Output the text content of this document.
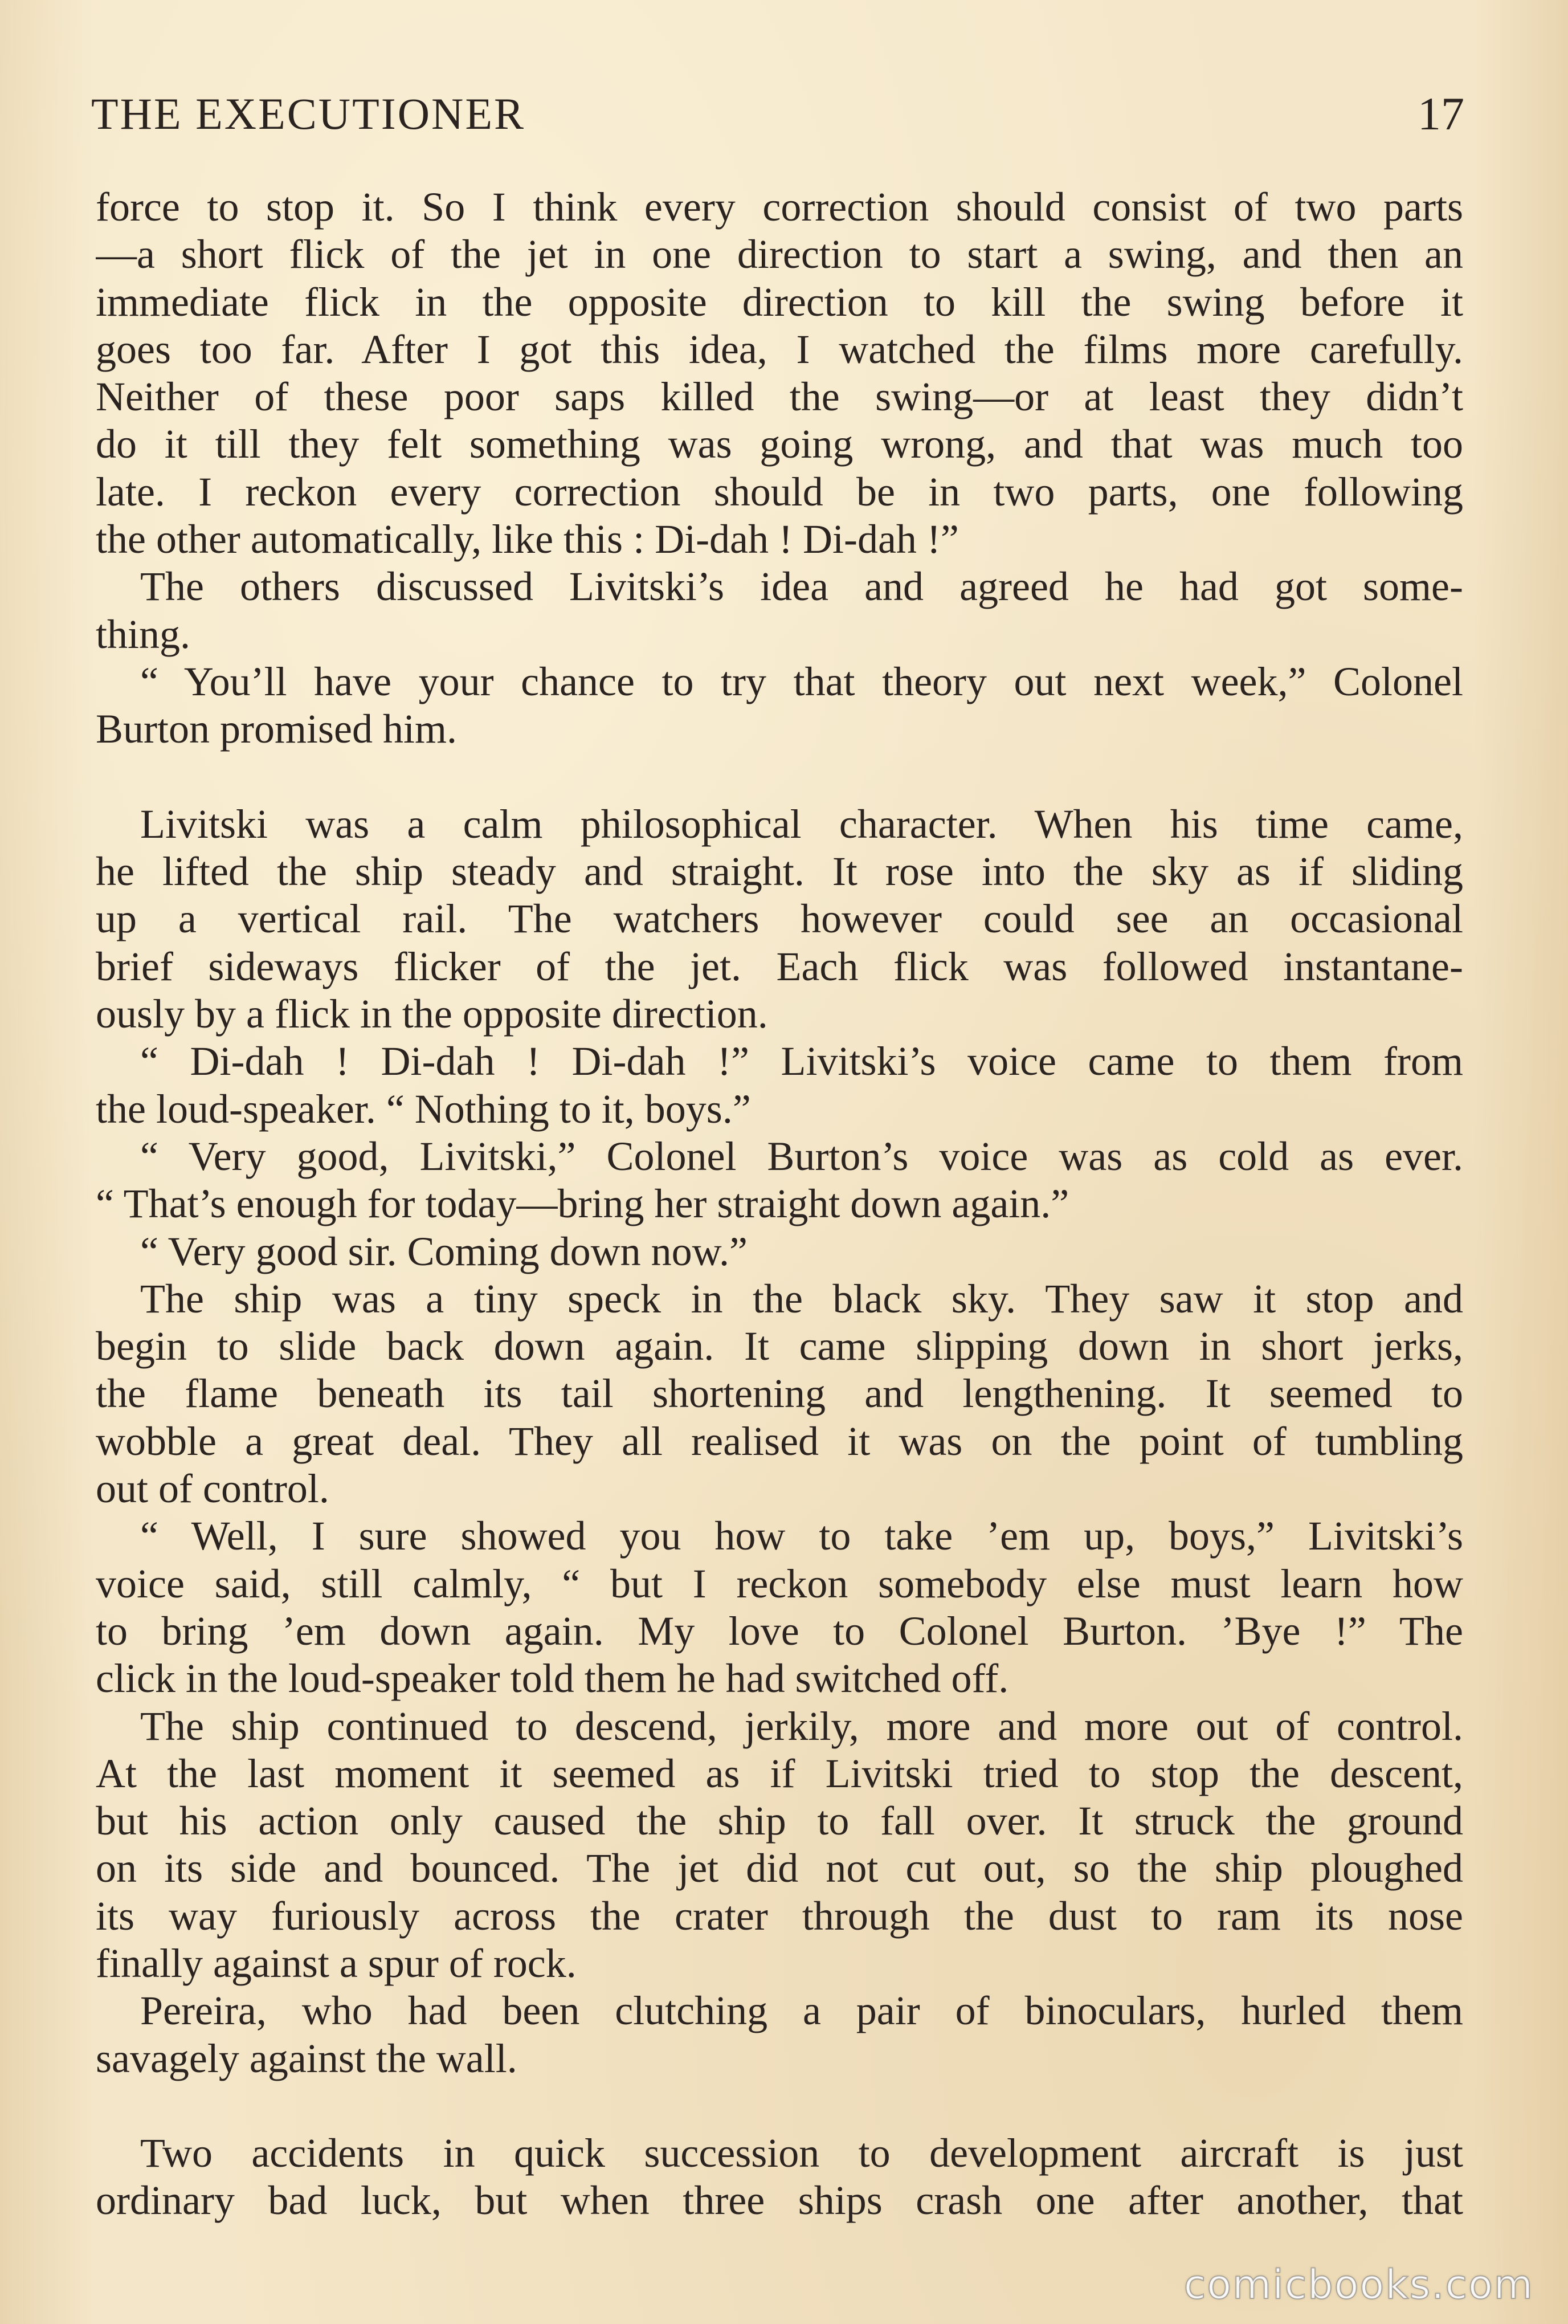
THE EXECUTIONER	17
force to stop it. So I think every correction should consist of two parts
—a short flick of the jet in one direction to start a swing, and then an
immediate flick in the opposite direction to kill the swing before it
goes too far. After I got this idea, I watched the films more carefully.
Neither of these poor saps killed the swing—or at least they didn’t
do it till they felt something was going wrong, and that was much too
late. I reckon every correction should be in two parts, one following
the other automatically, like this : Di-dah ! Di-dah !”
The others discussed Livitski’s idea and agreed he had got some-
thing.
“ You’ll have your chance to try that theory out next week,” Colonel
Burton promised him.
Livitski was a calm philosophical character. When his time came,
he lifted the ship steady and straight. It rose into the sky as if sliding
up a vertical rail. The watchers however could see an occasional
brief sideways flicker of the jet. Each flick was followed instantane-
ously by a flick in the opposite direction.
“ Di-dah ! Di-dah ! Di-dah !” Livitski’s voice came to them from
the loud-speaker. “ Nothing to it, boys.”
“ Very good, Livitski,” Colonel Burton’s voice was as cold as ever.
“ That’s enough for today—bring her straight down again.”
“ Very good sir. Coming down now.”
The ship was a tiny speck in the black sky. They saw it stop and
begin to slide back down again. It came slipping down in short jerks,
the flame beneath its tail shortening and lengthening. It seemed to
wobble a great deal. They all realised it was on the point of tumbling
out of control.
“ Well, I sure showed you how to take ’em up, boys,” Livitski’s
voice said, still calmly, “ but I reckon somebody else must learn how
to bring ’em down again. My love to Colonel Burton. ’Bye !” The
click in the loud-speaker told them he had switched off.
The ship continued to descend, jerkily, more and more out of control.
At the last moment it seemed as if Livitski tried to stop the descent,
but his action only caused the ship to fall over. It struck the ground
on its side and bounced. The jet did not cut out, so the ship ploughed
its way furiously across the crater through the dust to ram its nose
finally against a spur of rock.
Pereira, who had been clutching a pair of binoculars, hurled them
savagely against the wall.
Two accidents in quick succession to development aircraft is just
ordinary bad luck, but when three ships crash one after another, that
comicbooks.com
